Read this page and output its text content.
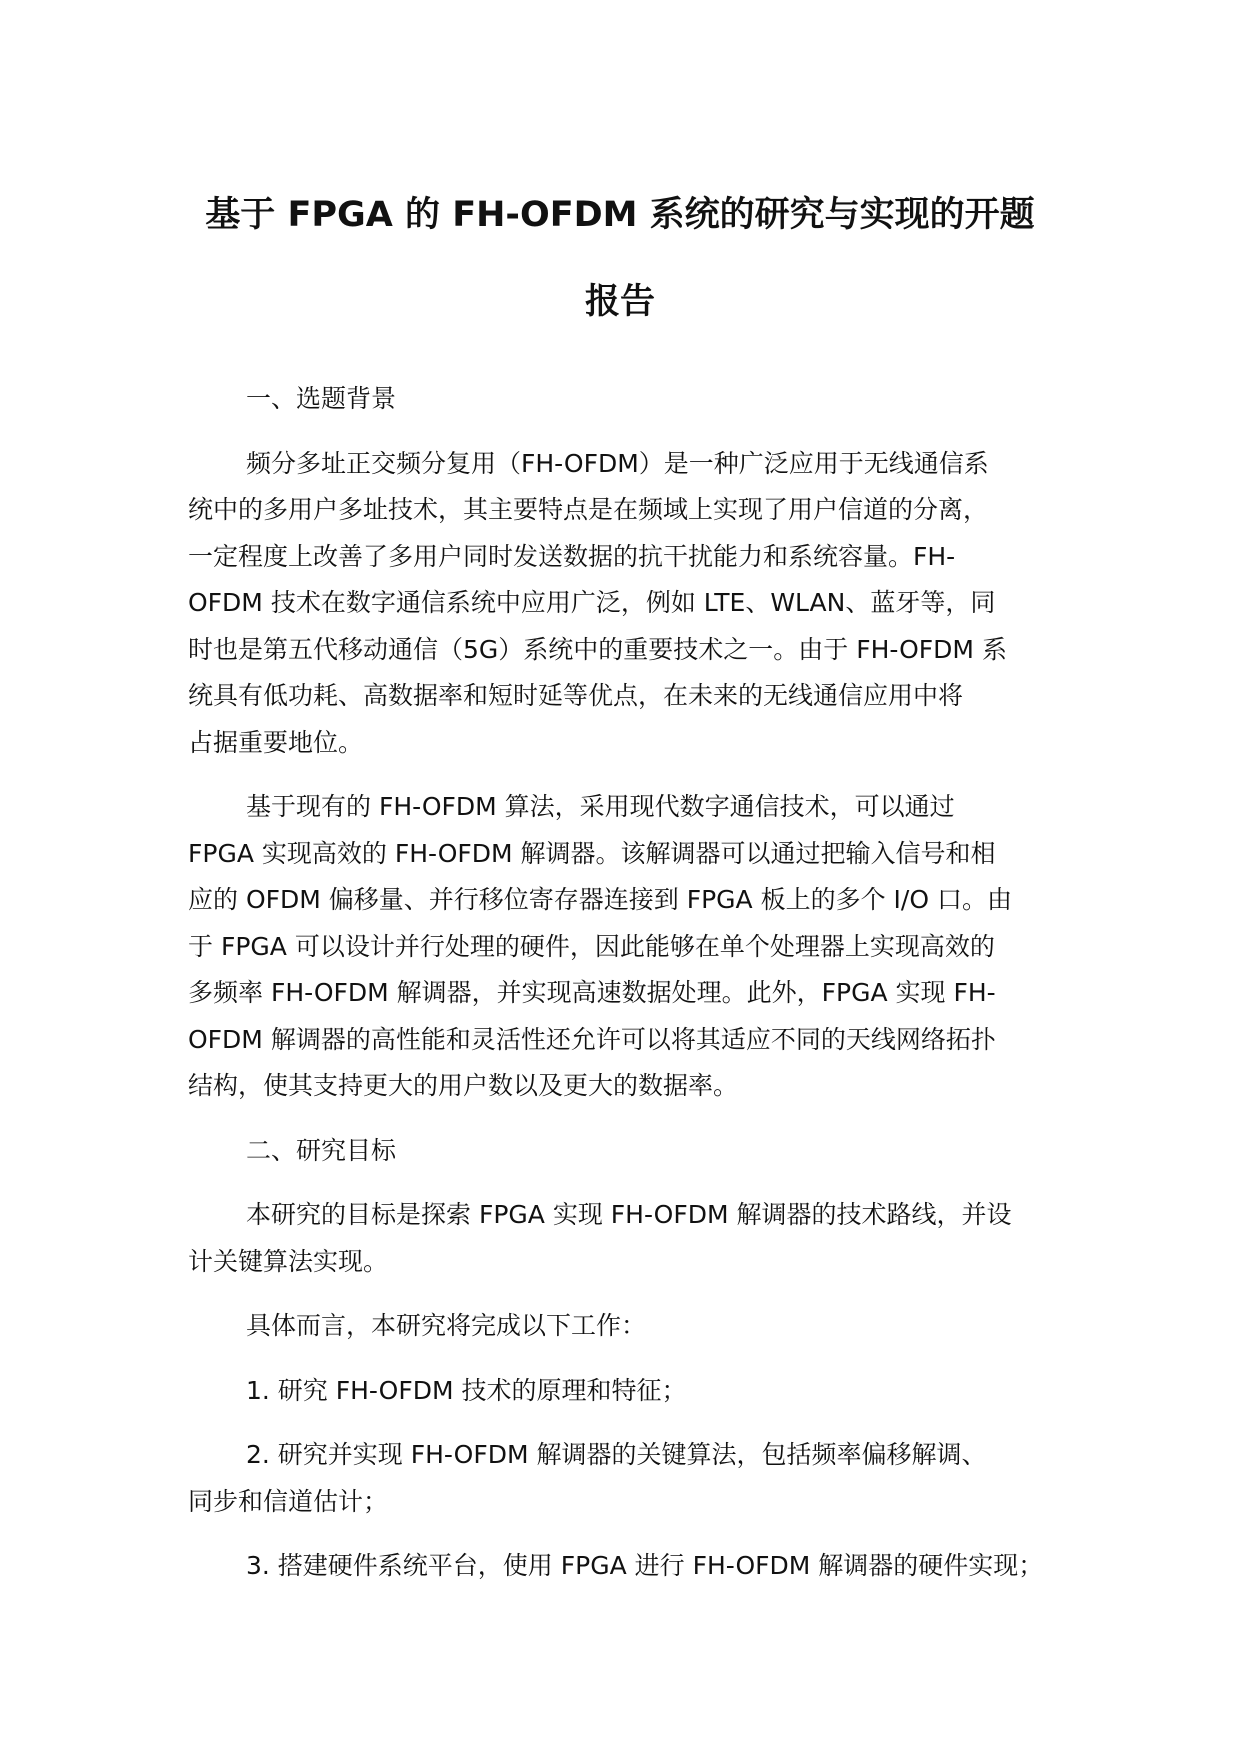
基于 FPGA 的 FH-OFDM 系统的研究与实现的开题
报告
一、选题背景
频分多址正交频分复用（FH-OFDM）是一种广泛应用于无线通信系
统中的多用户多址技术，其主要特点是在频域上实现了用户信道的分离，
一定程度上改善了多用户同时发送数据的抗干扰能力和系统容量。FH-
OFDM 技术在数字通信系统中应用广泛，例如 LTE、WLAN、蓝牙等，同
时也是第五代移动通信（5G）系统中的重要技术之一。由于 FH-OFDM 系
统具有低功耗、高数据率和短时延等优点，在未来的无线通信应用中将
占据重要地位。
基于现有的 FH-OFDM 算法，采用现代数字通信技术，可以通过
FPGA 实现高效的 FH-OFDM 解调器。该解调器可以通过把输入信号和相
应的 OFDM 偏移量、并行移位寄存器连接到 FPGA 板上的多个 I/O 口。由
于 FPGA 可以设计并行处理的硬件，因此能够在单个处理器上实现高效的
多频率 FH-OFDM 解调器，并实现高速数据处理。此外，FPGA 实现 FH-
OFDM 解调器的高性能和灵活性还允许可以将其适应不同的天线网络拓扑
结构，使其支持更大的用户数以及更大的数据率。
二、研究目标
本研究的目标是探索 FPGA 实现 FH-OFDM 解调器的技术路线，并设
计关键算法实现。
具体而言，本研究将完成以下工作：
1. 研究 FH-OFDM 技术的原理和特征；
2. 研究并实现 FH-OFDM 解调器的关键算法，包括频率偏移解调、
同步和信道估计；
3. 搭建硬件系统平台，使用 FPGA 进行 FH-OFDM 解调器的硬件实现；
